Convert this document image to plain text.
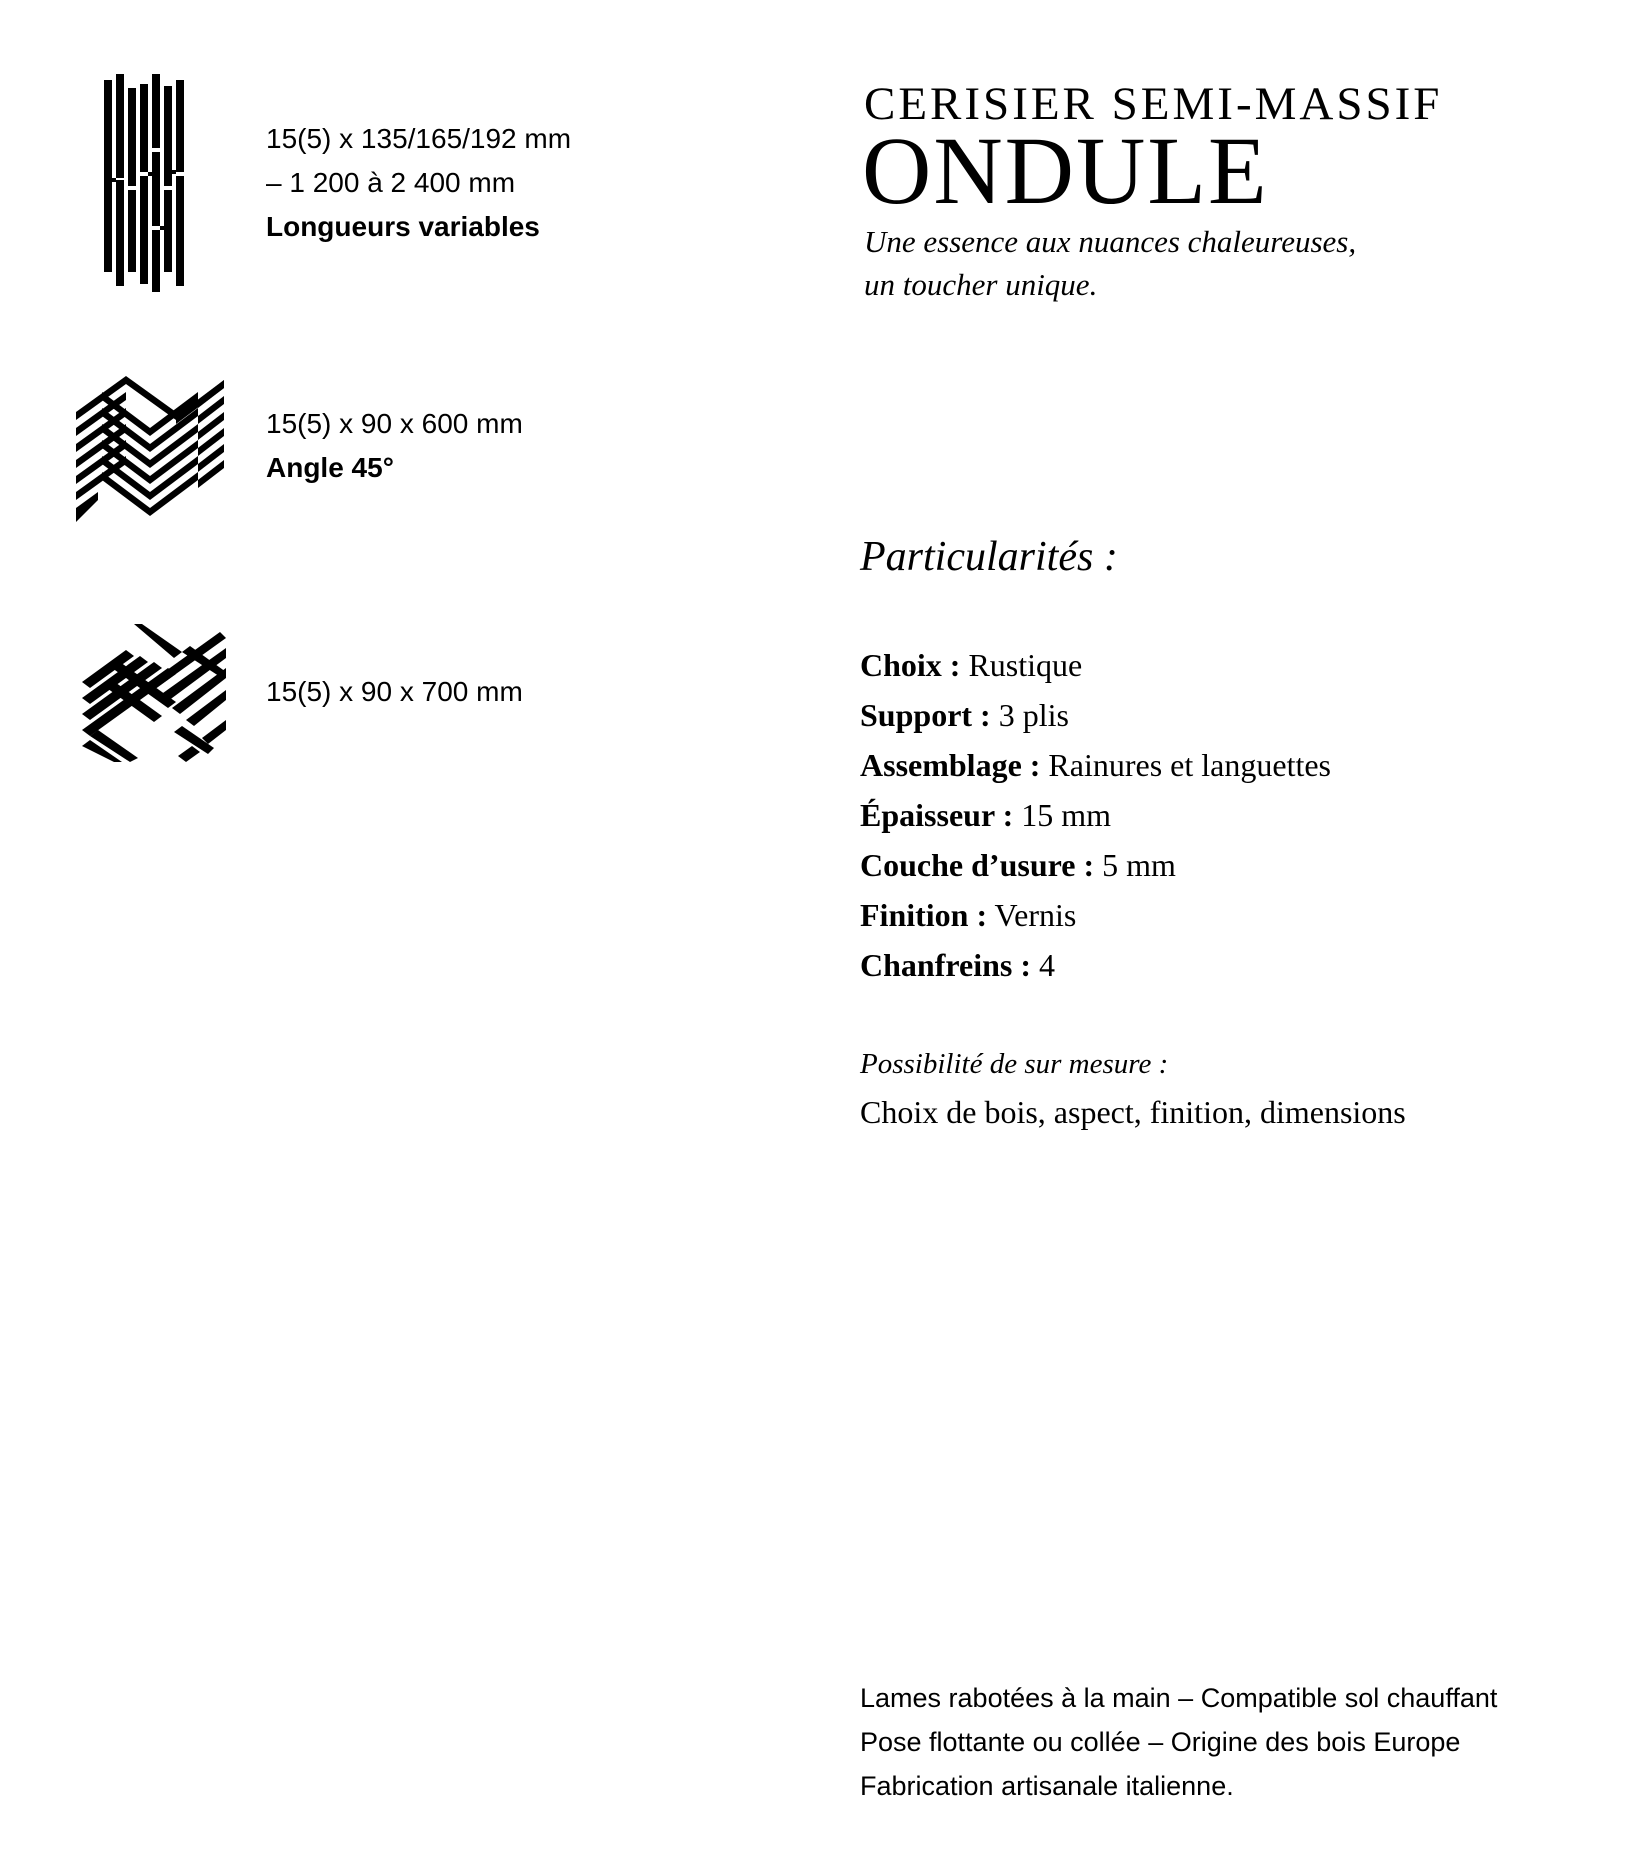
15(5) x 135/165/192 mm
– 1 200 à 2 400 mm
Longueurs variables
15(5) x 90 x 600 mm
Angle 45°
15(5) x 90 x 700 mm
CERISIER SEMI-MASSIF
ONDULE
Une essence aux nuances chaleureuses,
un toucher unique.
Particularités :
Choix : Rustique
Support : 3 plis
Assemblage : Rainures et languettes
Épaisseur : 15 mm
Couche d’usure : 5 mm
Finition : Vernis
Chanfreins : 4
Possibilité de sur mesure :
Choix de bois, aspect, finition, dimensions
Lames rabotées à la main – Compatible sol chauffant
Pose flottante ou collée – Origine des bois Europe
Fabrication artisanale italienne.
